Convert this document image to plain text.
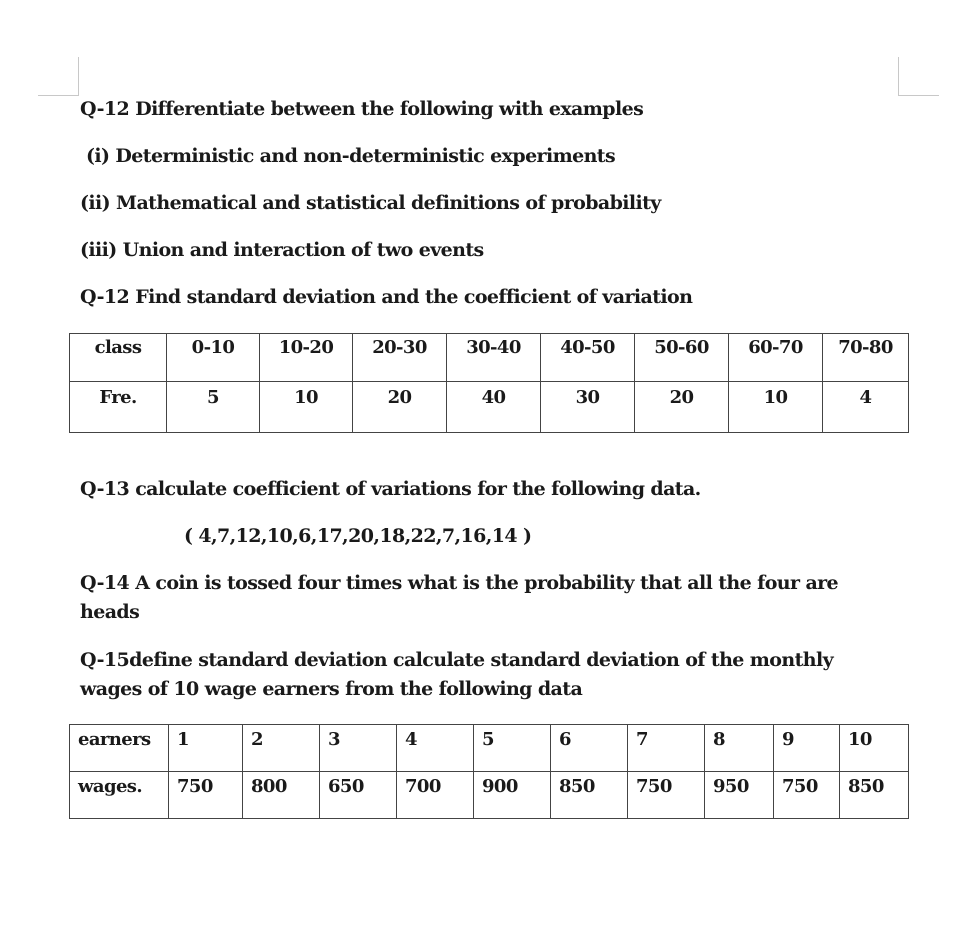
Q-12 Differentiate between the following with examples
(i) Deterministic and non-deterministic experiments
(ii) Mathematical and statistical definitions of probability
(iii) Union and interaction of two events
Q-12 Find standard deviation and the coefficient of variation
class	0-10	10-20	20-30	30-40	40-50	50-60	60-70	70-80
Fre.	5	10	20	40	30	20	10	4
Q-13 calculate coefficient of variations for the following data.
( 4,7,12,10,6,17,20,18,22,7,16,14 )
Q-14 A coin is tossed four times what is the probability that all the four are heads
Q-15define standard deviation calculate standard deviation of the monthly wages of 10 wage earners from the following data
earners	1	2	3	4	5	6	7	8	9	10
wages.	750	800	650	700	900	850	750	950	750	850
